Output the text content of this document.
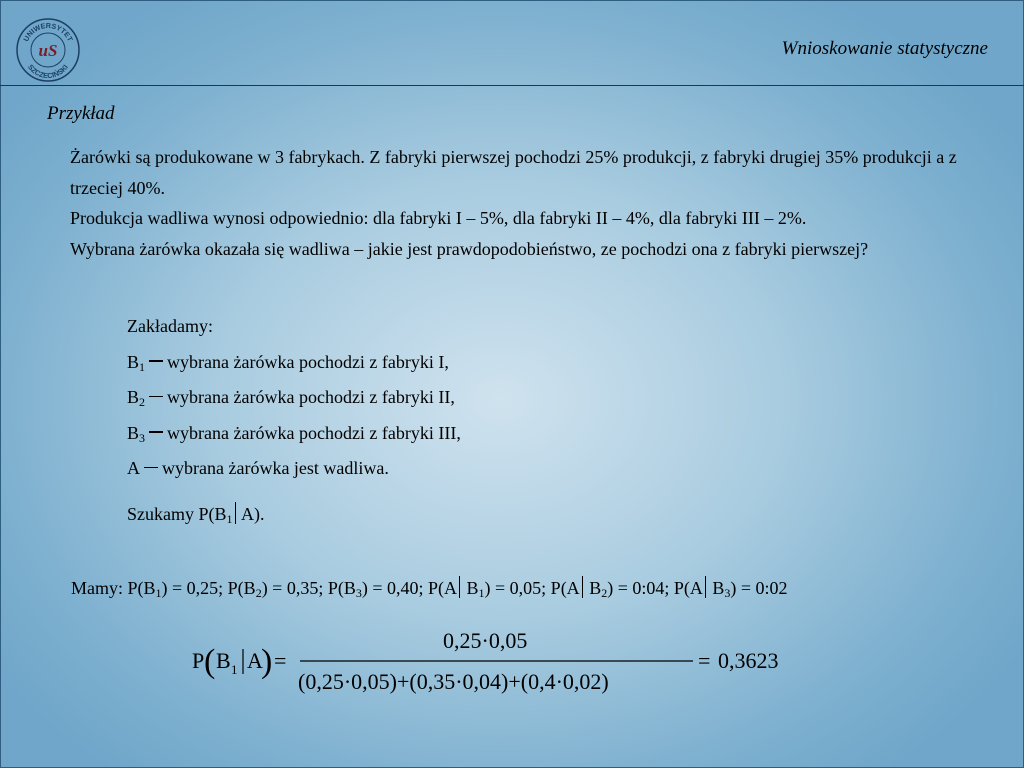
UNIWERSYTET
SZCZECIŃSKI
uS	Wnioskowanie statystyczne
Przykład

Żarówki są produkowane w 3 fabrykach. Z fabryki pierwszej pochodzi 25% produkcji, z fabryki drugiej 35% produkcji a z trzeciej 40%.

Produkcja wadliwa wynosi odpowiednio: dla fabryki I – 5%, dla fabryki II – 4%, dla fabryki III – 2%.

Wybrana żarówka okazała się wadliwa – jakie jest prawdopodobieństwo, ze pochodzi ona z fabryki pierwszej?

Zakładamy:
$B_1$ wybrana żarówka pochodzi z fabryki I,
$B_2$ wybrana żarówka pochodzi z fabryki II,
$B_3$ wybrana żarówka pochodzi z fabryki III,
A wybrana żarówka jest wadliwa.
Szukamy $P(B_1$ A).
Mamy: $P(B_1) = 0,25$; $P(B_2) = 0,35$; $P(B_3) = 0,40$; P(A $B_1) = 0,05$; P(A $B_2$) = 0:04; P(A $B_3$) = 0:02
P ( B 1 A
) =
0,25·0,05
(0,25·0,05)+(0,35·0,04)+(0,4·0,02)
= 0,3623
